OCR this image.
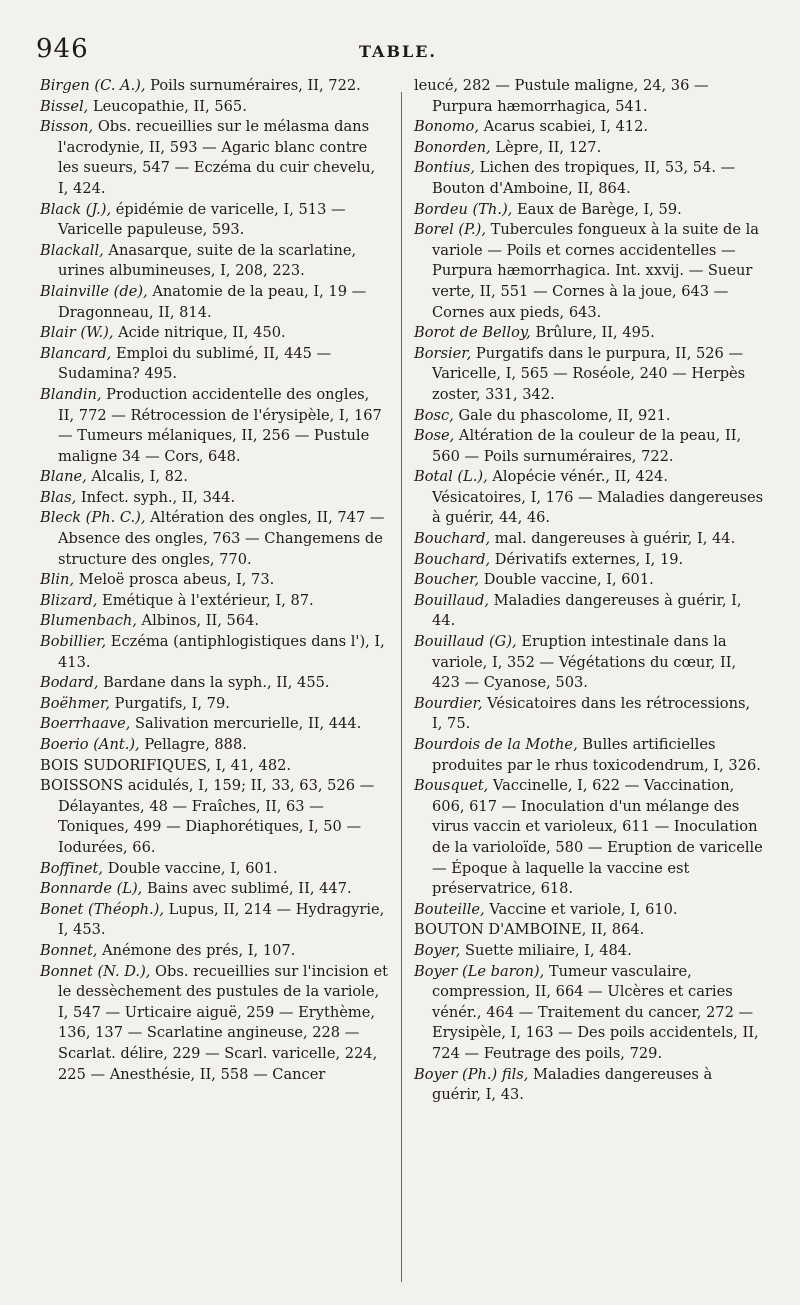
946	TABLE.

Birgen (C. A.), Poils surnuméraires, II, 722.

Bissel, Leucopathie, II, 565.

Bisson, Obs. recueillies sur le mélasma dans l'acrodynie, II, 593 — Agaric blanc contre les sueurs, 547 — Eczéma du cuir chevelu, I, 424.

Black (J.), épidémie de varicelle, I, 513 — Varicelle papuleuse, 593.

Blackall, Anasarque, suite de la scarlatine, urines albumineuses, I, 208, 223.

Blainville (de), Anatomie de la peau, I, 19 — Dragonneau, II, 814.

Blair (W.), Acide nitrique, II, 450.

Blancard, Emploi du sublimé, II, 445 — Sudamina? 495.

Blandin, Production accidentelle des ongles, II, 772 — Rétrocession de l'érysipèle, I, 167 — Tumeurs mélaniques, II, 256 — Pustule maligne 34 — Cors, 648.

Blane, Alcalis, I, 82.

Blas, Infect. syph., II, 344.

Bleck (Ph. C.), Altération des ongles, II, 747 — Absence des ongles, 763 — Changemens de structure des ongles, 770.

Blin, Meloë prosca abeus, I, 73.

Blizard, Emétique à l'extérieur, I, 87.

Blumenbach, Albinos, II, 564.

Bobillier, Eczéma (antiphlogistiques dans l'), I, 413.

Bodard, Bardane dans la syph., II, 455.

Boëhmer, Purgatifs, I, 79.

Boerrhaave, Salivation mercurielle, II, 444.

Boerio (Ant.), Pellagre, 888.

BOIS SUDORIFIQUES, I, 41, 482.

BOISSONS acidulés, I, 159; II, 33, 63, 526 — Délayantes, 48 — Fraîches, II, 63 — Toniques, 499 — Diaphorétiques, I, 50 — Iodurées, 66.

Boffinet, Double vaccine, I, 601.

Bonnarde (L), Bains avec sublimé, II, 447.

Bonet (Théoph.), Lupus, II, 214 — Hydragyrie, I, 453.

Bonnet, Anémone des prés, I, 107.

Bonnet (N. D.), Obs. recueillies sur l'incision et le dessèchement des pustules de la variole, I, 547 — Urticaire aiguë, 259 — Erythème, 136, 137 — Scarlatine angineuse, 228 — Scarlat. délire, 229 — Scarl. varicelle, 224, 225 — Anesthésie, II, 558 — Cancer

leucé, 282 — Pustule maligne, 24, 36 — Purpura hæmorrhagica, 541.

Bonomo, Acarus scabiei, I, 412.

Bonorden, Lèpre, II, 127.

Bontius, Lichen des tropiques, II, 53, 54. — Bouton d'Amboine, II, 864.

Bordeu (Th.), Eaux de Barège, I, 59.

Borel (P.), Tubercules fongueux à la suite de la variole — Poils et cornes accidentelles — Purpura hæmorrhagica. Int. xxvij. — Sueur verte, II, 551 — Cornes à la joue, 643 — Cornes aux pieds, 643.

Borot de Belloy, Brûlure, II, 495.

Borsier, Purgatifs dans le purpura, II, 526 — Varicelle, I, 565 — Roséole, 240 — Herpès zoster, 331, 342.

Bosc, Gale du phascolome, II, 921.

Bose, Altération de la couleur de la peau, II, 560 — Poils surnuméraires, 722.

Botal (L.), Alopécie vénér., II, 424. Vésicatoires, I, 176 — Maladies dangereuses à guérir, 44, 46.

Bouchard, mal. dangereuses à guérir, I, 44.

Bouchard, Dérivatifs externes, I, 19.

Boucher, Double vaccine, I, 601.

Bouillaud, Maladies dangereuses à guérir, I, 44.

Bouillaud (G), Eruption intestinale dans la variole, I, 352 — Végétations du cœur, II, 423 — Cyanose, 503.

Bourdier, Vésicatoires dans les rétrocessions, I, 75.

Bourdois de la Mothe, Bulles artificielles produites par le rhus toxicodendrum, I, 326.

Bousquet, Vaccinelle, I, 622 — Vaccination, 606, 617 — Inoculation d'un mélange des virus vaccin et varioleux, 611 — Inoculation de la varioloïde, 580 — Eruption de varicelle — Époque à laquelle la vaccine est préservatrice, 618.

Bouteille, Vaccine et variole, I, 610.

BOUTON D'AMBOINE, II, 864.

Boyer, Suette miliaire, I, 484.

Boyer (Le baron), Tumeur vasculaire, compression, II, 664 — Ulcères et caries vénér., 464 — Traitement du cancer, 272 — Erysipèle, I, 163 — Des poils accidentels, II, 724 — Feutrage des poils, 729.

Boyer (Ph.) fils, Maladies dangereuses à guérir, I, 43.
